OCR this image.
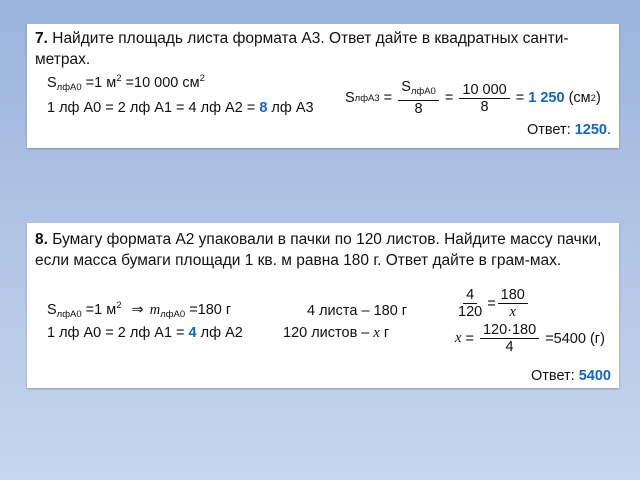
7. Найдите площадь листа формата А3. Ответ дайте в квадратных санти-метрах.
$S_{лфА0} =1$ $м^2 =10$ 000 $см^2$
1 лф А0 = 2 лф А1 = 4 лф А2 = 8 лф А3
S $лфА3 = \frac{S_{лфА0}}{8} = \frac{10 000}{8} = 1$ 250 (см 2 )
Ответ: 1250.
8. Бумагу формата А2 упаковали в пачки по 120 листов. Найдите массу пачки, если масса бумаги площади 1 кв. м равна 180 г. Ответ дайте в грам-мах.
$S_{лфА0} =1$ $м^2$ ⇒ $m_{лфА0} =180$ г
1 лф А0 = 2 лф А1 = 4 лф А2
4 листа – 180 г
120 листов – x г
$\frac{4}{120} = \frac{180}{x}$
$x = \frac{120\cdot 180}{4} =5400$ (г)
Ответ: 5400
